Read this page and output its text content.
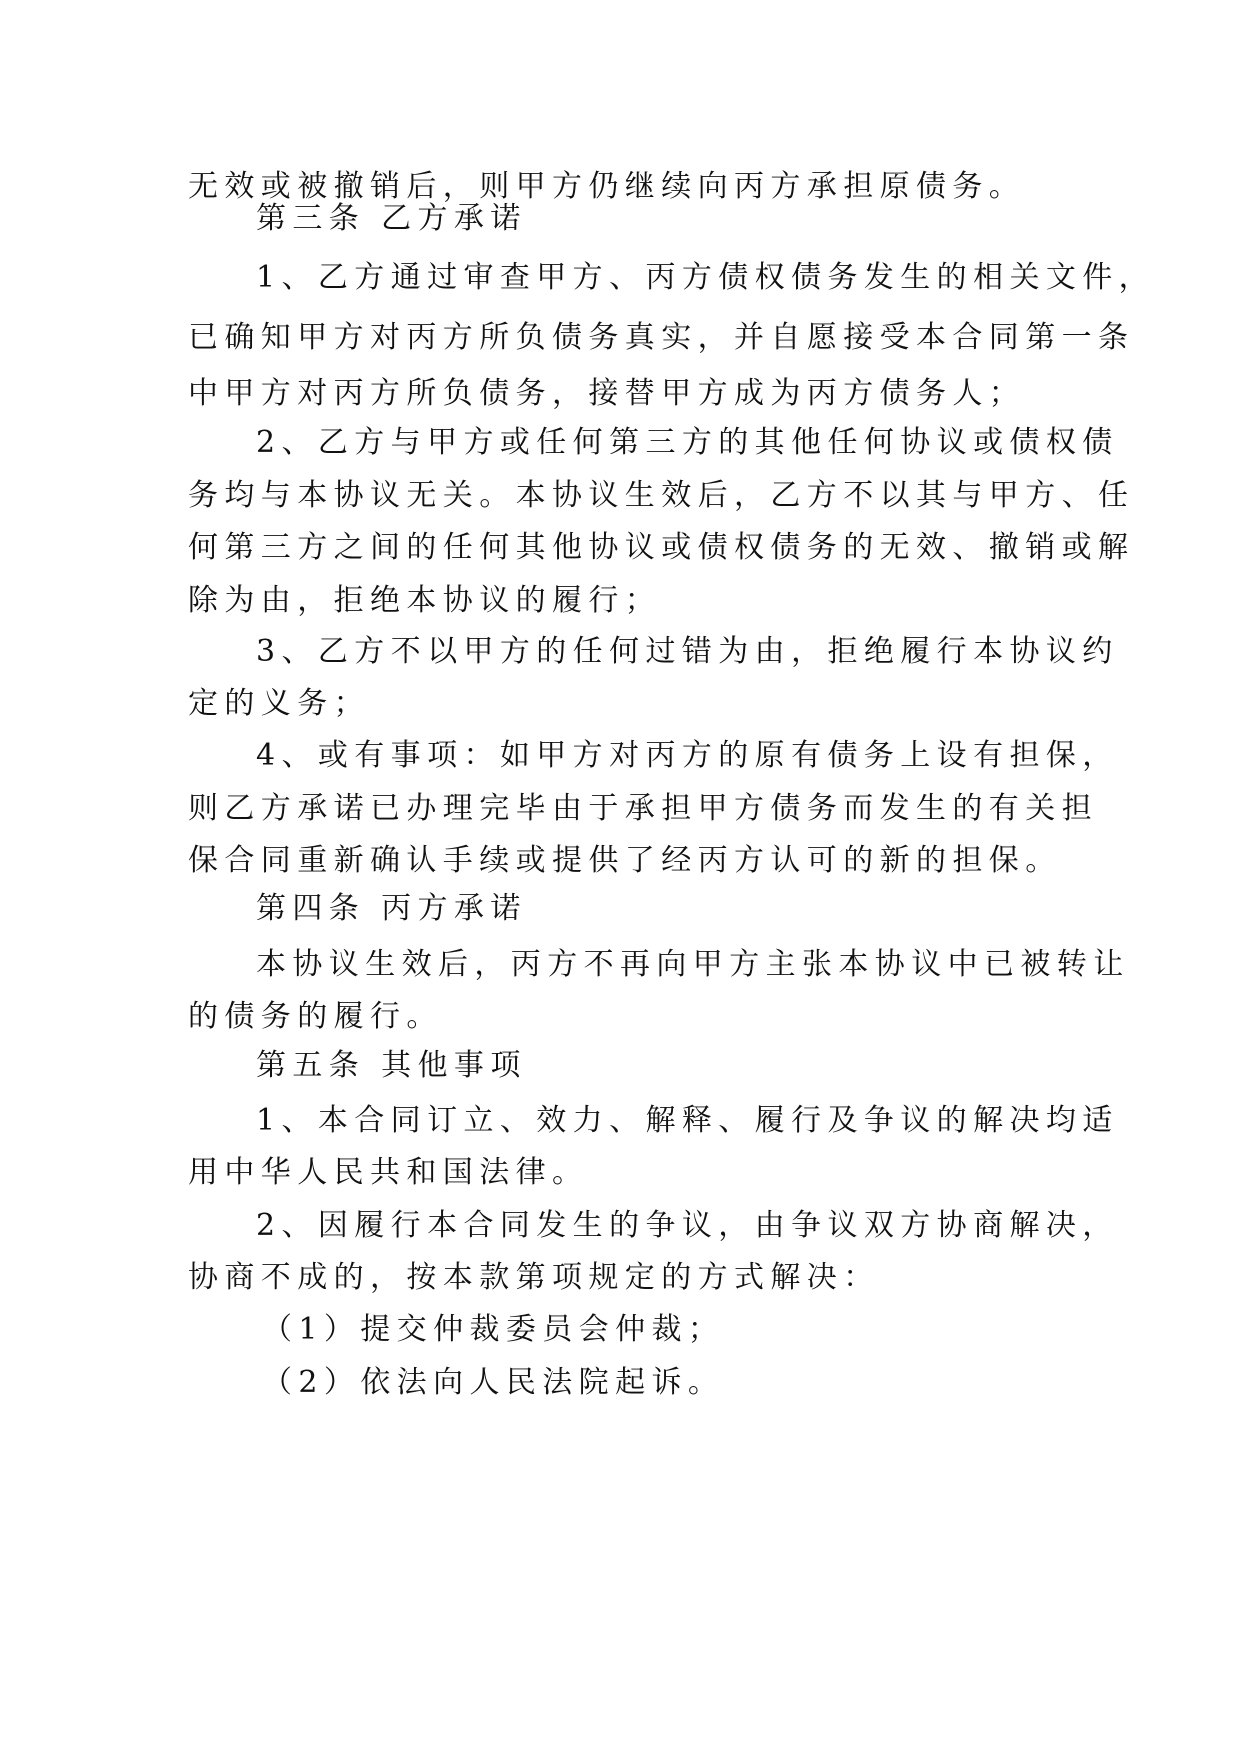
无效或被撤销后，则甲方仍继续向丙方承担原债务。
第三条 乙方承诺
1、乙方通过审查甲方、丙方债权债务发生的相关文件，
已确知甲方对丙方所负债务真实，并自愿接受本合同第一条
中甲方对丙方所负债务，接替甲方成为丙方债务人；
2、乙方与甲方或任何第三方的其他任何协议或债权债
务均与本协议无关。本协议生效后，乙方不以其与甲方、任
何第三方之间的任何其他协议或债权债务的无效、撤销或解
除为由，拒绝本协议的履行；
3、乙方不以甲方的任何过错为由，拒绝履行本协议约
定的义务；
4、或有事项：如甲方对丙方的原有债务上设有担保，
则乙方承诺已办理完毕由于承担甲方债务而发生的有关担
保合同重新确认手续或提供了经丙方认可的新的担保。
第四条 丙方承诺
本协议生效后，丙方不再向甲方主张本协议中已被转让
的债务的履行。
第五条 其他事项
1、本合同订立、效力、解释、履行及争议的解决均适
用中华人民共和国法律。
2、因履行本合同发生的争议，由争议双方协商解决，
协商不成的，按本款第项规定的方式解决：
（1）提交仲裁委员会仲裁；
（2）依法向人民法院起诉。
